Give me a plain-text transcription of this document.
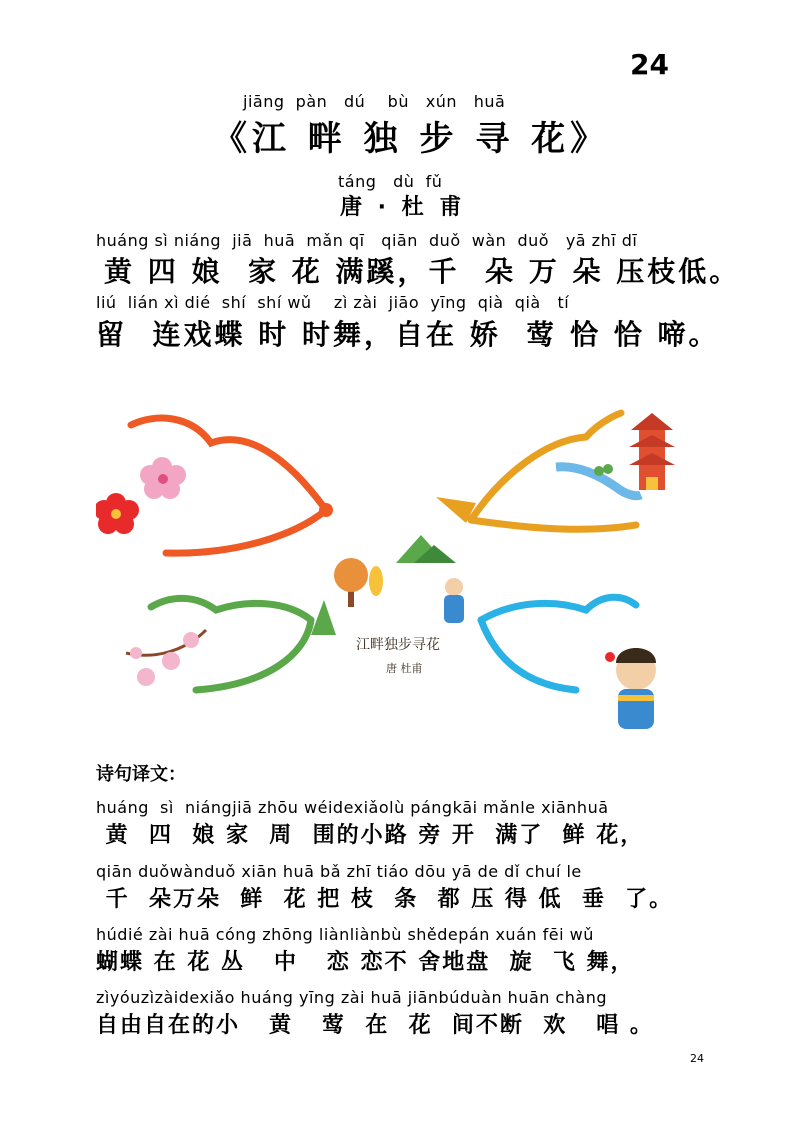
24
jiāng  pàn   dú    bù   xún   huā
《江 畔 独 步 寻 花》
táng   dù  fǔ
唐 · 杜 甫
huáng sì niáng  jiā  huā  mǎn qī   qiān  duǒ  wàn  duǒ   yā zhī dī
黄 四 娘  家 花 满蹊，千  朵 万 朵 压枝低。
liú  lián xì dié  shí  shí wǔ    zì zài  jiāo  yīng  qià  qià   tí
留  连戏蝶 时 时舞，自在 娇  莺 恰 恰 啼。
江畔独步寻花
唐 杜甫
诗句译文：
huáng  sì  niángjiā zhōu wéidexiǎolù pángkāi mǎnle xiānhuā
黄  四  娘 家  周  围的小路 旁 开  满了  鲜 花，
qiān duǒwànduǒ xiān huā bǎ zhī tiáo dōu yā de dǐ chuí le
千  朵万朵  鲜  花 把 枝  条  都 压 得 低  垂  了。
húdié zài huā cóng zhōng liànliànbù shědepán xuán fēi wǔ
蝴蝶 在 花 丛   中   恋 恋不 舍地盘  旋  飞 舞，
zìyóuzìzàidexiǎo huáng yīng zài huā jiānbúduàn huān chàng
自由自在的小   黄   莺  在  花  间不断  欢   唱 。
24
